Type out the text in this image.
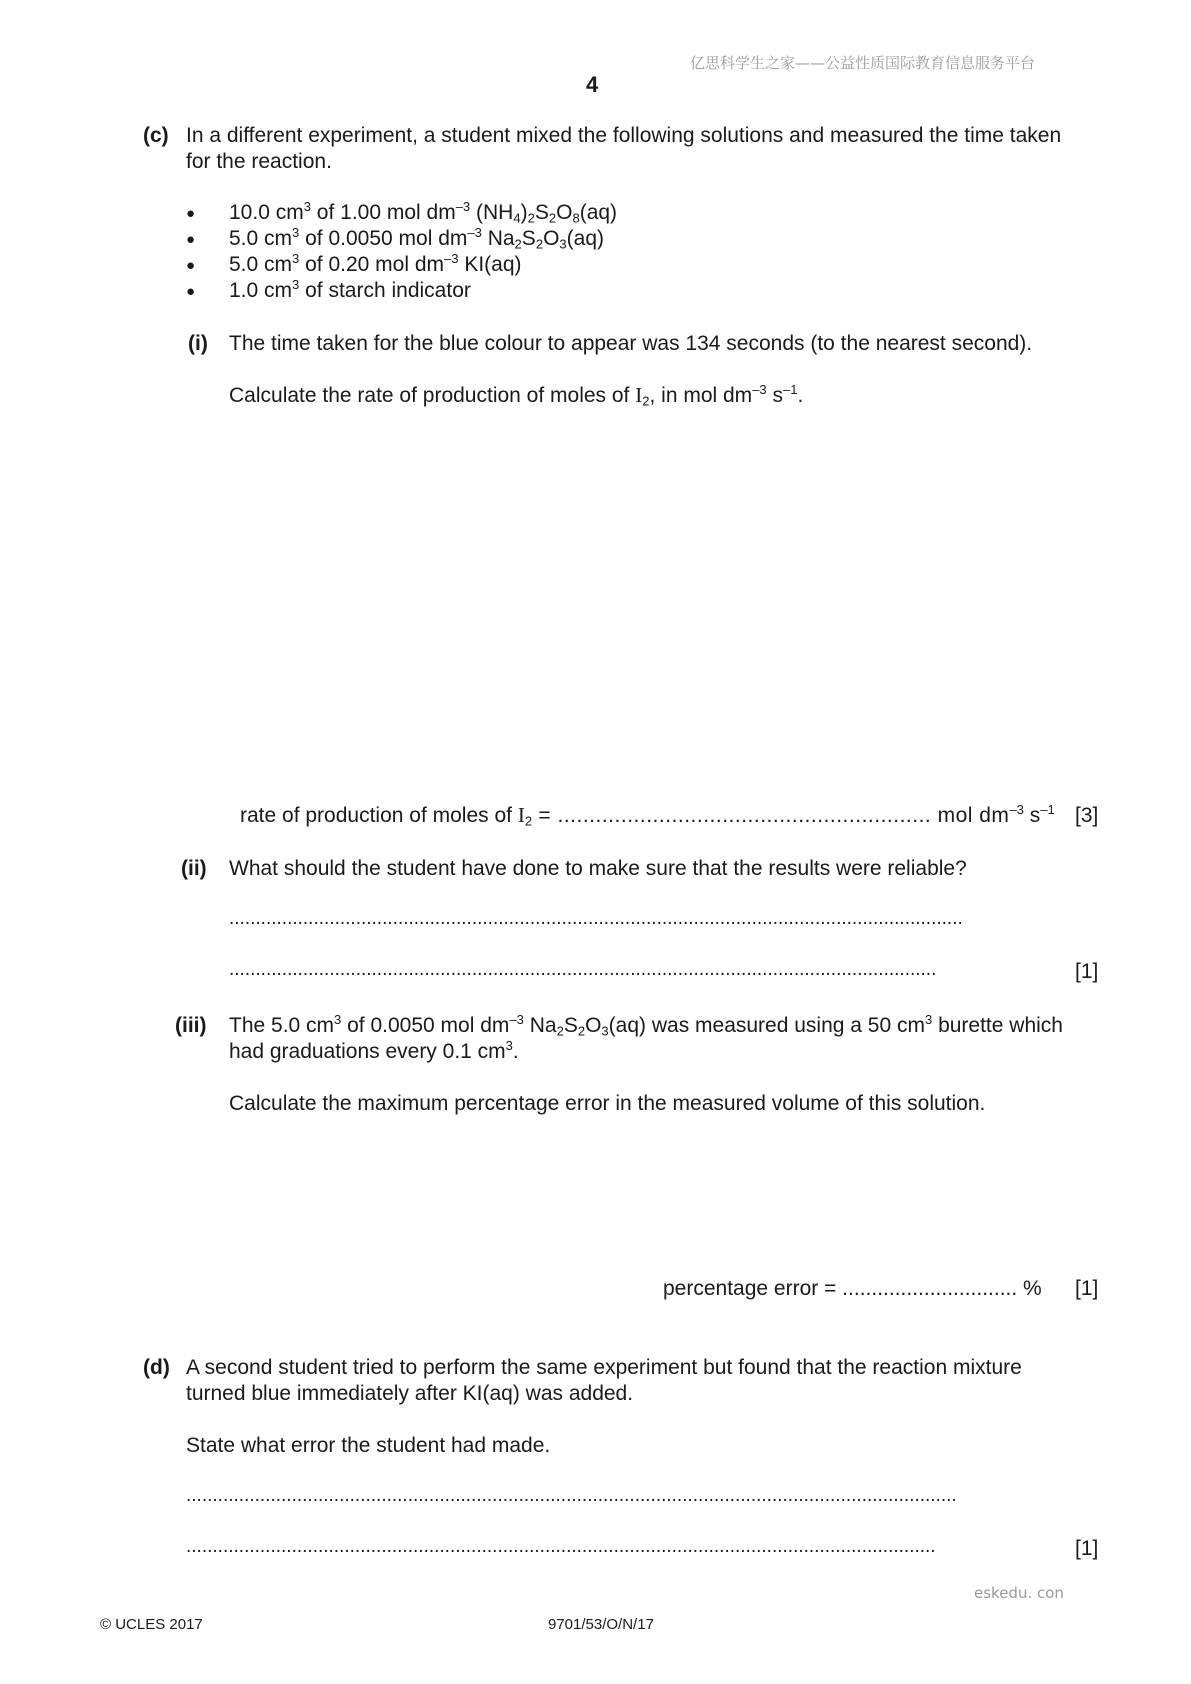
亿思科学生之家——公益性质国际教育信息服务平台
4
(c) In a different experiment, a student mixed the following solutions and measured the time taken
for the reaction.
● 10.0 $cm^3$ of 1.00 mol $dm^{-3}$ $(NH_4)_2S_2O_8(aq)$
● 5.0 $cm^3$ of 0.0050 mol $dm^{-3}$ $Na_2S_2O_3(aq)$
● 5.0 $cm^3$ of 0.20 mol $dm^{-3}$ KI(aq)
● 1.0 $cm^3$ of starch indicator
(i) The time taken for the blue colour to appear was 134 seconds (to the nearest second).
Calculate the rate of production of moles of $I_2$, in mol $dm^{-3}$ $s^{-1}$.
rate of production of moles of $I_2$ = ........................................................... mol $dm^{-3}$ $s^{-1}$ [3]
(ii) What should the student have done to make sure that the results were reliable?
...........................................................................................................................................
......................................................................................................................................	[1]
(iii) The 5.0 $cm^3$ of 0.0050 mol $dm^{-3}$ $Na_2S_2O_3(aq)$ was measured using a 50 $cm^3$ burette which
had graduations every 0.1 $cm^3$.
Calculate the maximum percentage error in the measured volume of this solution.
percentage error = .............................. % [1]
(d) A second student tried to perform the same experiment but found that the reaction mixture
turned blue immediately after KI(aq) was added.
State what error the student had made.
..................................................................................................................................................
..............................................................................................................................................	[1]
eskedu. con
© UCLES 2017	9701/53/O/N/17
